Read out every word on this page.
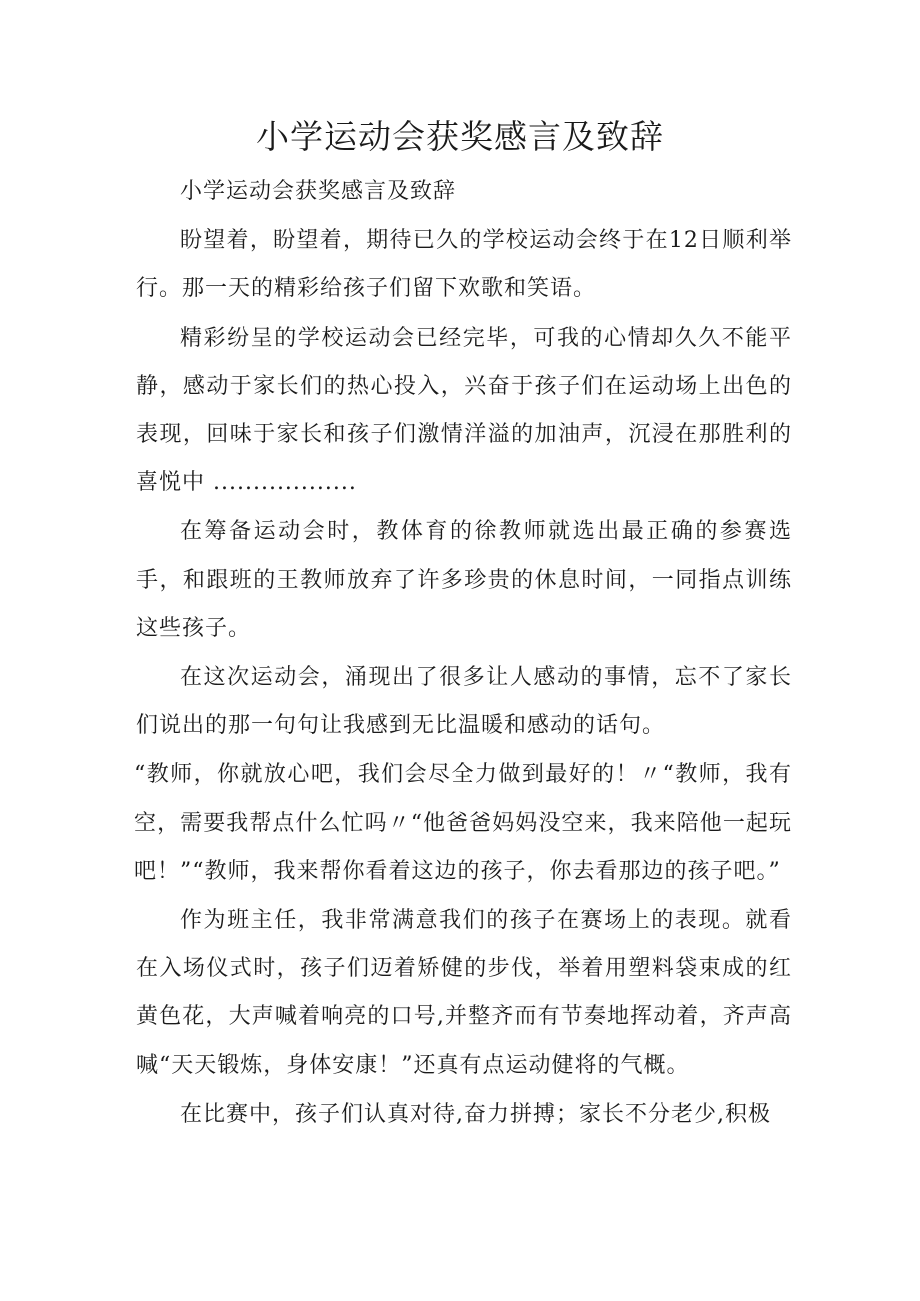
小学运动会获奖感言及致辞

小学运动会获奖感言及致辞

盼望着，盼望着，期待已久的学校运动会终于在12日顺利举行。那一天的精彩给孩子们留下欢歌和笑语。

精彩纷呈的学校运动会已经完毕，可我的心情却久久不能平静，感动于家长们的热心投入，兴奋于孩子们在运动场上出色的表现，回味于家长和孩子们激情洋溢的加油声，沉浸在那胜利的喜悦中 ..................

在筹备运动会时，教体育的徐教师就选出最正确的参赛选手，和跟班的王教师放弃了许多珍贵的休息时间，一同指点训练这些孩子。

在这次运动会，涌现出了很多让人感动的事情，忘不了家长们说出的那一句句让我感到无比温暖和感动的话句。

“教师，你就放心吧，我们会尽全力做到最好的！〃“教师，我有空，需要我帮点什么忙吗〃“他爸爸妈妈没空来，我来陪他一起玩吧！”“教师，我来帮你看着这边的孩子，你去看那边的孩子吧。”

作为班主任，我非常满意我们的孩子在赛场上的表现。就看在入场仪式时，孩子们迈着矫健的步伐，举着用塑料袋束成的红黄色花，大声喊着响亮的口号,并整齐而有节奏地挥动着，齐声高喊“天天锻炼，身体安康！”还真有点运动健将的气概。

在比赛中，孩子们认真对待,奋力拼搏；家长不分老少,积极
